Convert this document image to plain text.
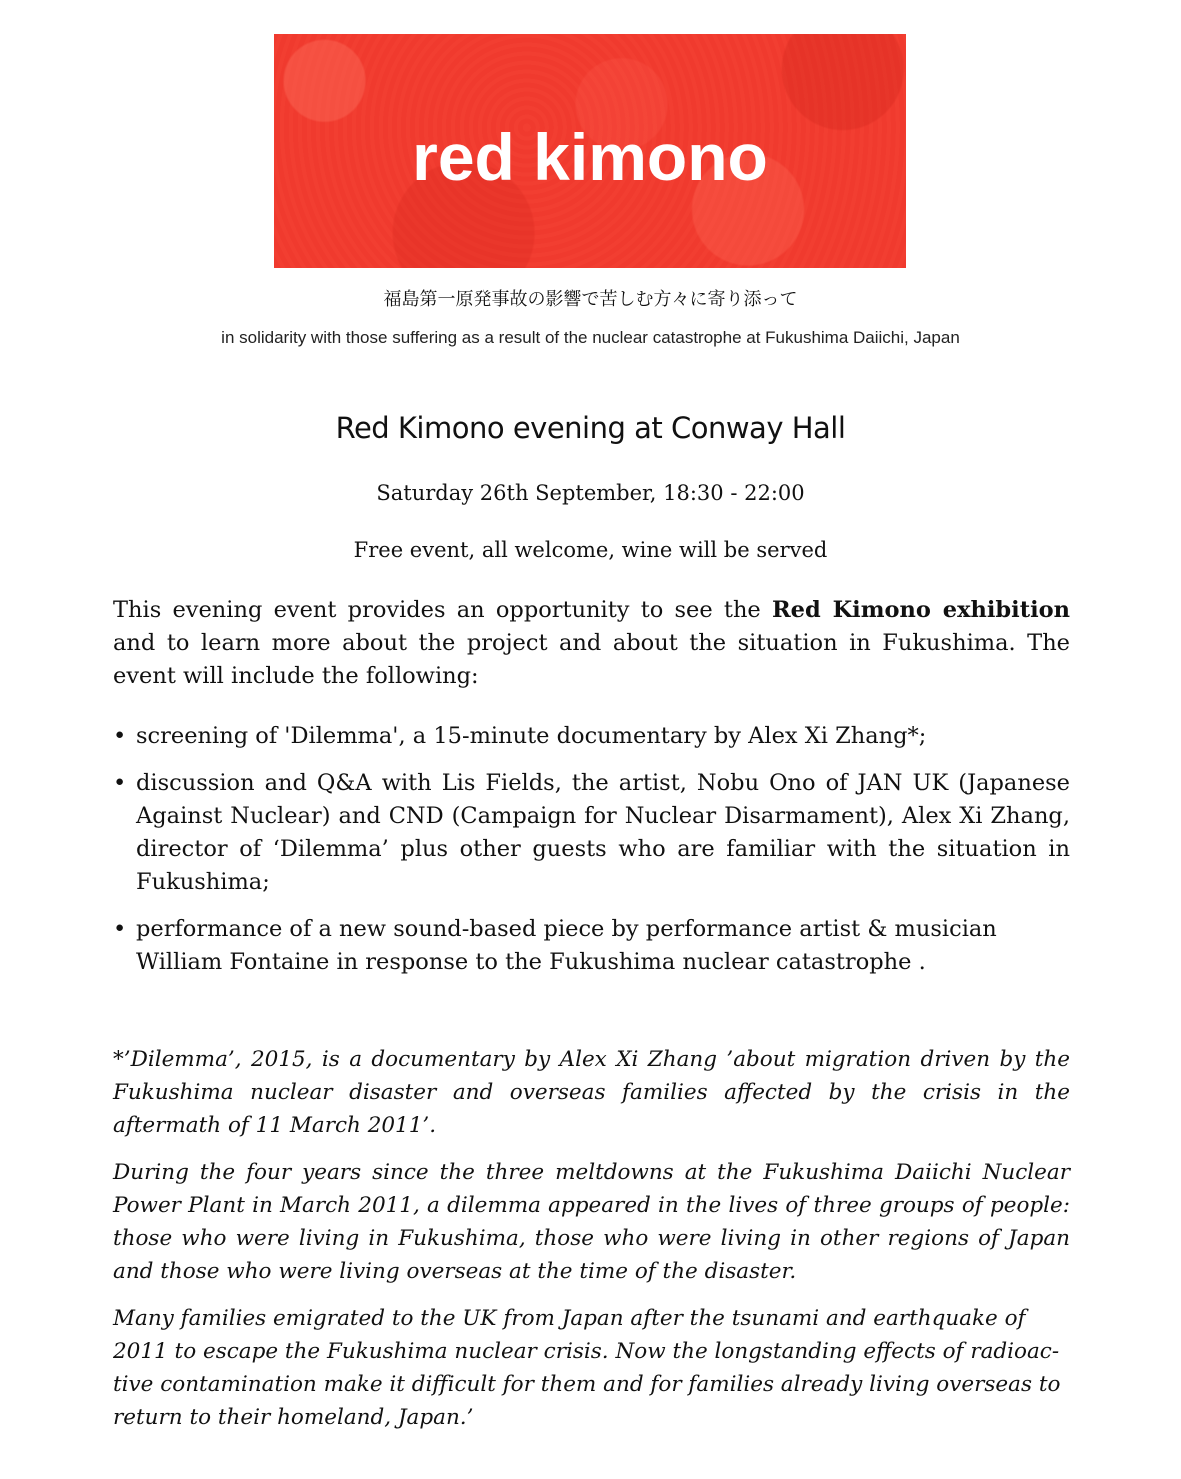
red kimono
福島第一原発事故の影響で苦しむ方々に寄り添って
in solidarity with those suffering as a result of the nuclear catastrophe at Fukushima Daiichi, Japan
Red Kimono evening at Conway Hall
Saturday 26th September, 18:30 - 22:00
Free event, all welcome, wine will be served
This evening event provides an opportunity to see the Red Kimono exhibition and to learn more about the project and about the situation in Fukushima. The event will include the following:
• screening of 'Dilemma', a 15-minute documentary by Alex Xi Zhang*;
• discussion and Q&A with Lis Fields, the artist, Nobu Ono of JAN UK (Japanese Against Nuclear) and CND (Campaign for Nuclear Disarmament), Alex Xi Zhang, director of ‘Dilemma’ plus other guests who are familiar with the situation in Fukushima;
• performance of a new sound-based piece by performance artist & musician William Fontaine in response to the Fukushima nuclear catastrophe .

*’Dilemma’, 2015, is a documentary by Alex Xi Zhang ’about migration driven by the Fukushima nuclear disaster and overseas families affected by the crisis in the aftermath of 11 March 2011’.

During the four years since the three meltdowns at the Fukushima Daiichi Nuclear Power Plant in March 2011, a dilemma appeared in the lives of three groups of people: those who were living in Fukushima, those who were living in other regions of Japan and those who were living overseas at the time of the disaster.

Many families emigrated to the UK from Japan after the tsunami and earthquake of 2011 to escape the Fukushima nuclear crisis. Now the longstanding effects of radioac-tive contamination make it difficult for them and for families already living overseas to return to their homeland, Japan.’
